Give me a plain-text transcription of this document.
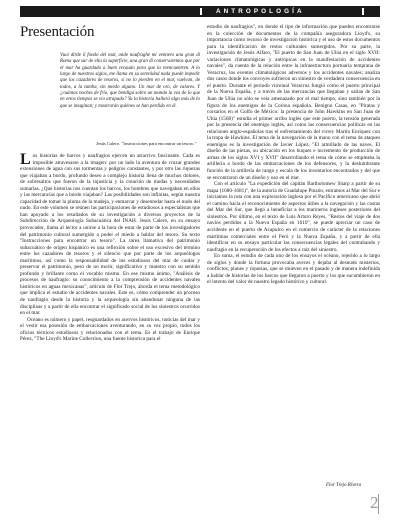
ANTROPOLOGÍA
Presentación

Vuoi dirde il fondo del mar, onde naufraghe mi vennero una gran di Roma que sur de ella la superficie, una gran di conservaremos que por el mar ha guardado a buen recaudo para que la reencuentren. A lo largo de nuestros siglos, me llama en su serenidad nada puede impedir que los cazadores de tesoros, si no lo pierden en el mar, vuelvan, de todos, a la tumba, sin miedo alguno. Un mar de oro, de valores. Y ¿cuántas noches de frío, que bendiga sobre un mundo la voz de lo que en otros tiempos se vio atrapado? Ya la historia hallará algo más de lo que se imaginan; y mostrarán quiénes se han perdido en él.

Jesús Calero. "Instrucciones para encontrar un tesoro."

Los historias de barcos y naufragios ejercen un atractivo fascinante. Cada es imposible atravesarse a la imagen: por un lado la aventura de cruzar grandes extensiones de agua con sus tormentas y peligros constantes, y por otro las riquezas que viajaban a bordo, profundo deseo a complejo historia llena de muchos dolores, de sobresaltos que fueron de la injusticia y la creación de modas y necesidades sumarias. ¿Qué historias nos cuentan los barcos, los hombres que navegaban en ellos y las mercancías que a bordo viajaban? Las posibilidades son infinitas, según nuestra capacidad de tomar la pluma de la madeja, y enmarcar y desenredar hasta el nudo del nudo. En este volumen se reúnen las participaciones de estudiosos a especialistas que han apoyado a los resultados de su investigación a diversos proyectos de la Subdirección de Arqueología Subacuática del INAH. Jesús Calero, en su ensayo provocador, llama al lector a unirse a la hora de estar de parte de los investigadores del patrimonio cultural sumergido a poder el miedo a hablar del tesoro. Su texto "Instrucciones para encontrar un tesoro". La tarea llamativa del patrimonio subacuático de origen hispánico es una reflexión sobre el uso excesivo del término entre los cazadores de tesoros y el silencio que por parte de los arqueólogos marítimos, así como la responsabilidad de los estudiosos del mar de cuidar y preservar el patrimonio, peso de no morir, significativo y maestro con su sentido profundo y brillante como el vocablo mismo. En ese mismo ánimo, "Análisis de procesos de naufragio: su conocimiento a la comprensión de accidentes navales históricos en aguas mexicanas", artículo de Flor Trejo, aborda el tema metodológico que implica el estudio de accidentes navales. Este es, cómo comprender un proceso de naufragio desde la historia y la arqueología sin abandonar ninguna de las disciplinas y a partir de ella encontrar el significado social de los siniestros ocurridos en el mar.

Océano es número y papel, resguardados en acervos históricos, noticias del mar y el vestir esa posesión de embarcaciones aventurando, en su vez propio, todos los oficios técnicos estudiosos y relacionados con el tema. Es el trabajo de Enrique Pérez, "The Lloyd's Marine Collection, una fuente historica para el

estudio de naufragios", en donde el tipo de información que pueden encontrarse en la colección de documentos de la compañía aseguradora Lloyd's, su importancia como recurso de investigación histórica y el uso de estos documentos para la identificación de restos culturales sumergidos. Por su parte, la investigación de Jesús Alfaro, "El puerto de San Juan de Ulúa en el siglo XVII: variaciones climatológicas y antrópicas en la manifestación de accidentes navales", da cuenta de la relación entre la infraestructura portuaria temprana de Veracruz, los eventos climatológicos adversos y los accidentes navales; analiza dos casos donde los convoyes sufrieron un siniestro de verdadera consecuencia en el puerto. Durante el periodo virreinal Veracruz fungió como el puerto principal de la Nueva España, y a través de las mercancías que llegaban y salían de San Juan de Ulúa no sólo se veía amenazado por el mal tiempo, sino también por la figura de los enemigos de la Corona española. Benigno Casas, en "Piratas y corsarios en el Golfo de México: la presencia de John Hawkins en San Juan de Ulúa (1568)" estudia el primer arribo inglés que este puerto, la tensión generada por la presencia del enemigo inglés, así como las consecuencias políticas en las relaciones anglo-españolas tras el enfrentamiento del virrey Martín Enríquez con la tropa de Hawkins. El tema de la navegación de la mano con el tema de ataques enemigos es la investigación de Javier López, "El armillado de las naves. El diseño de las piezas, su ubicación en los buques e incremento de producción de armas de los siglos XVI y XVII" desarrollando el tema de cómo se empleaba la artillería a bordo de las embarcaciones de los defensores, y la deslumbrante función de la artillería de rango y escala de los inventarios encontrados y del que se encontraron de un diseño y uso en el mar.

Con el artículo "La expedición del capitán Bartholomew Sharp a partir de su mapa (1680-1681)", de la autoría de Guadalupe Pinzón, entramos al Mar del Sur e iniciamos la ruta con una exploración inglesa por el Pacífico americano que abrió el camino hacia el reconocimiento de aspectos útiles a la navegación y las costas del Mar del Sur, que llegó a beneficiar a los marineros ingleses posteriores del siniestros. Por último, en el texto de Luis Arturo Reyes, "Restos del viaje de dos navíos perdidos a la Nueva España en 1610", se puede apreciar un caso de accidente en el puerto de Acapulco en el comercio de carácter de la relaciones marítimas comerciales entre el Perú y la Nueva España, y a partir de ella identificar en su ensayo particular las consecuencias legales del contrabando y naufragio en la recuperación de los efectos a raíz del siniestro.

En suma, el estudio de cada uno de los ensayos el océano, rejerido a lo largo de siglos y donde la fortuna provocaba aveces y dejaba al desnudo misterios, conflictos, planes y riquezas, que se mueven en el pasado y de manera indefinida a hablar de historias de los barcos que llegaron a puerto y los que sucumbieron en el intento del valor de nuestro legado histórico y cultural.

Flor Trejo Rivera
2
